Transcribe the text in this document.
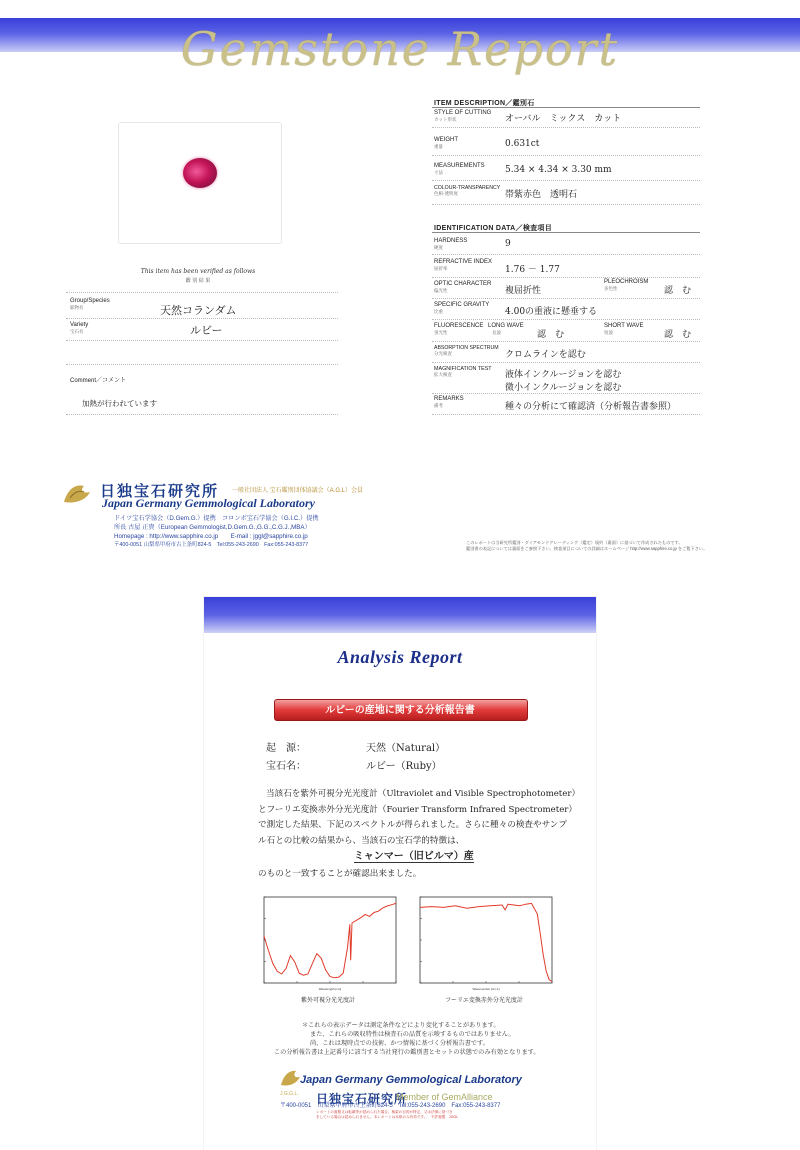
Gemstone Report
This item has been verified as follows
鑑 別 結 果
Group/Species
鉱物名	天然コランダム
Variety
宝石名	ルビー
Comment／コメント
加熱が行われています
ITEM DESCRIPTION／鑑別石
STYLE OF CUTTING
カット形状	オーバル　ミックス　カット
WEIGHT
重量	0.631ct
MEASUREMENTS
寸法	5.34 × 4.34 × 3.30 mm
COLOUR-TRANSPARENCY
色相-透明度	帯紫赤色　透明石
IDENTIFICATION DATA／検査項目
HARDNESS
硬度	9
REFRACTIVE INDEX
屈折率	1.76 － 1.77
OPTIC CHARACTER
偏光性	複屈折性
PLEOCHROISM
多色性	認　む
SPECIFIC GRAVITY
比重	4.00の重液に懸垂する
FLUORESCENCE
蛍光性
LONG WAVE
長波	認　む
SHORT WAVE
短波	認　む
ABSORPTION SPECTRUM
分光検査	クロムラインを認む
MAGNIFICATION TEST
拡大検査	液体インクルージョンを認む
微小インクルージョンを認む
REMARKS
備考	種々の分析にて確認済（分析報告書参照）
日独宝石研究所 一般社団法人 宝石鑑別団体協議会（A.G.L）会員
Japan Germany Gemmological Laboratory
ドイツ宝石学協会（D.Gem.G.）提携　コロンボ宝石学協会（G.I.C.）提携
所長 古屋 正貴（European Gemmologist,D.Gem.G.,G.G.,C.G.J.,MBA）
Homepage : http://www.sapphire.co.jp　　E-mail : jggl@sapphire.co.jp
〒400-0051 山梨県甲府市古上条町824-5　Tel:055-243-2690　Fax:055-243-8377	このレポートは当研究所鑑別・ダイアモンドグレーディング（鑑定）規約（裏面）に基づいて作成されたものです。
鑑別書の表記については裏面をご参照下さい。検査項目についての詳細はホームページ http://www.sapphire.co.jp をご覧下さい。
Analysis Report
ルビーの産地に関する分析報告書
起　源：	天然（Natural）
宝石名：	ルビー（Ruby）
当該石を紫外可視分光光度計（Ultraviolet and Visible Spectrophotometer）
とフーリエ変換赤外分光光度計（Fourier Transform Infrared Spectrometer）
で測定した結果、下記のスペクトルが得られました。さらに種々の検査やサンプ
ル石との比較の結果から、当該石の宝石学的特徴は、
ミャンマー（旧ビルマ）産
のものと一致することが確認出来ました。
Wavelength [nm]
紫外可視分光光度計
Wavenumber [cm-1]
フーリエ変換赤外分光光度計
＊これらの表示データは測定条件などにより変化することがあります。
また、これらの吸収特性は検査石の品質を示唆するものではありません。
尚、これは現時点での技術、かつ情報に基づく分析報告書です。
この分析報告書は上記番号に該当する当社発行の鑑別書とセットの状態でのみ有効となります。
J.G.G.L.
Japan Germany Gemmological Laboratory
日独宝石研究所
Member of GemAlliance
〒400-0051　山梨県甲府市古上条町824-5　Tel:055-243-2690　Fax:055-243-8377
レポートの複製又は転載等が認められた場合、検索の目的が特定、又は法律に基づき
をしている場合は認められません。本レポートは本紙のみ有効です。　不許複製　JGGL
